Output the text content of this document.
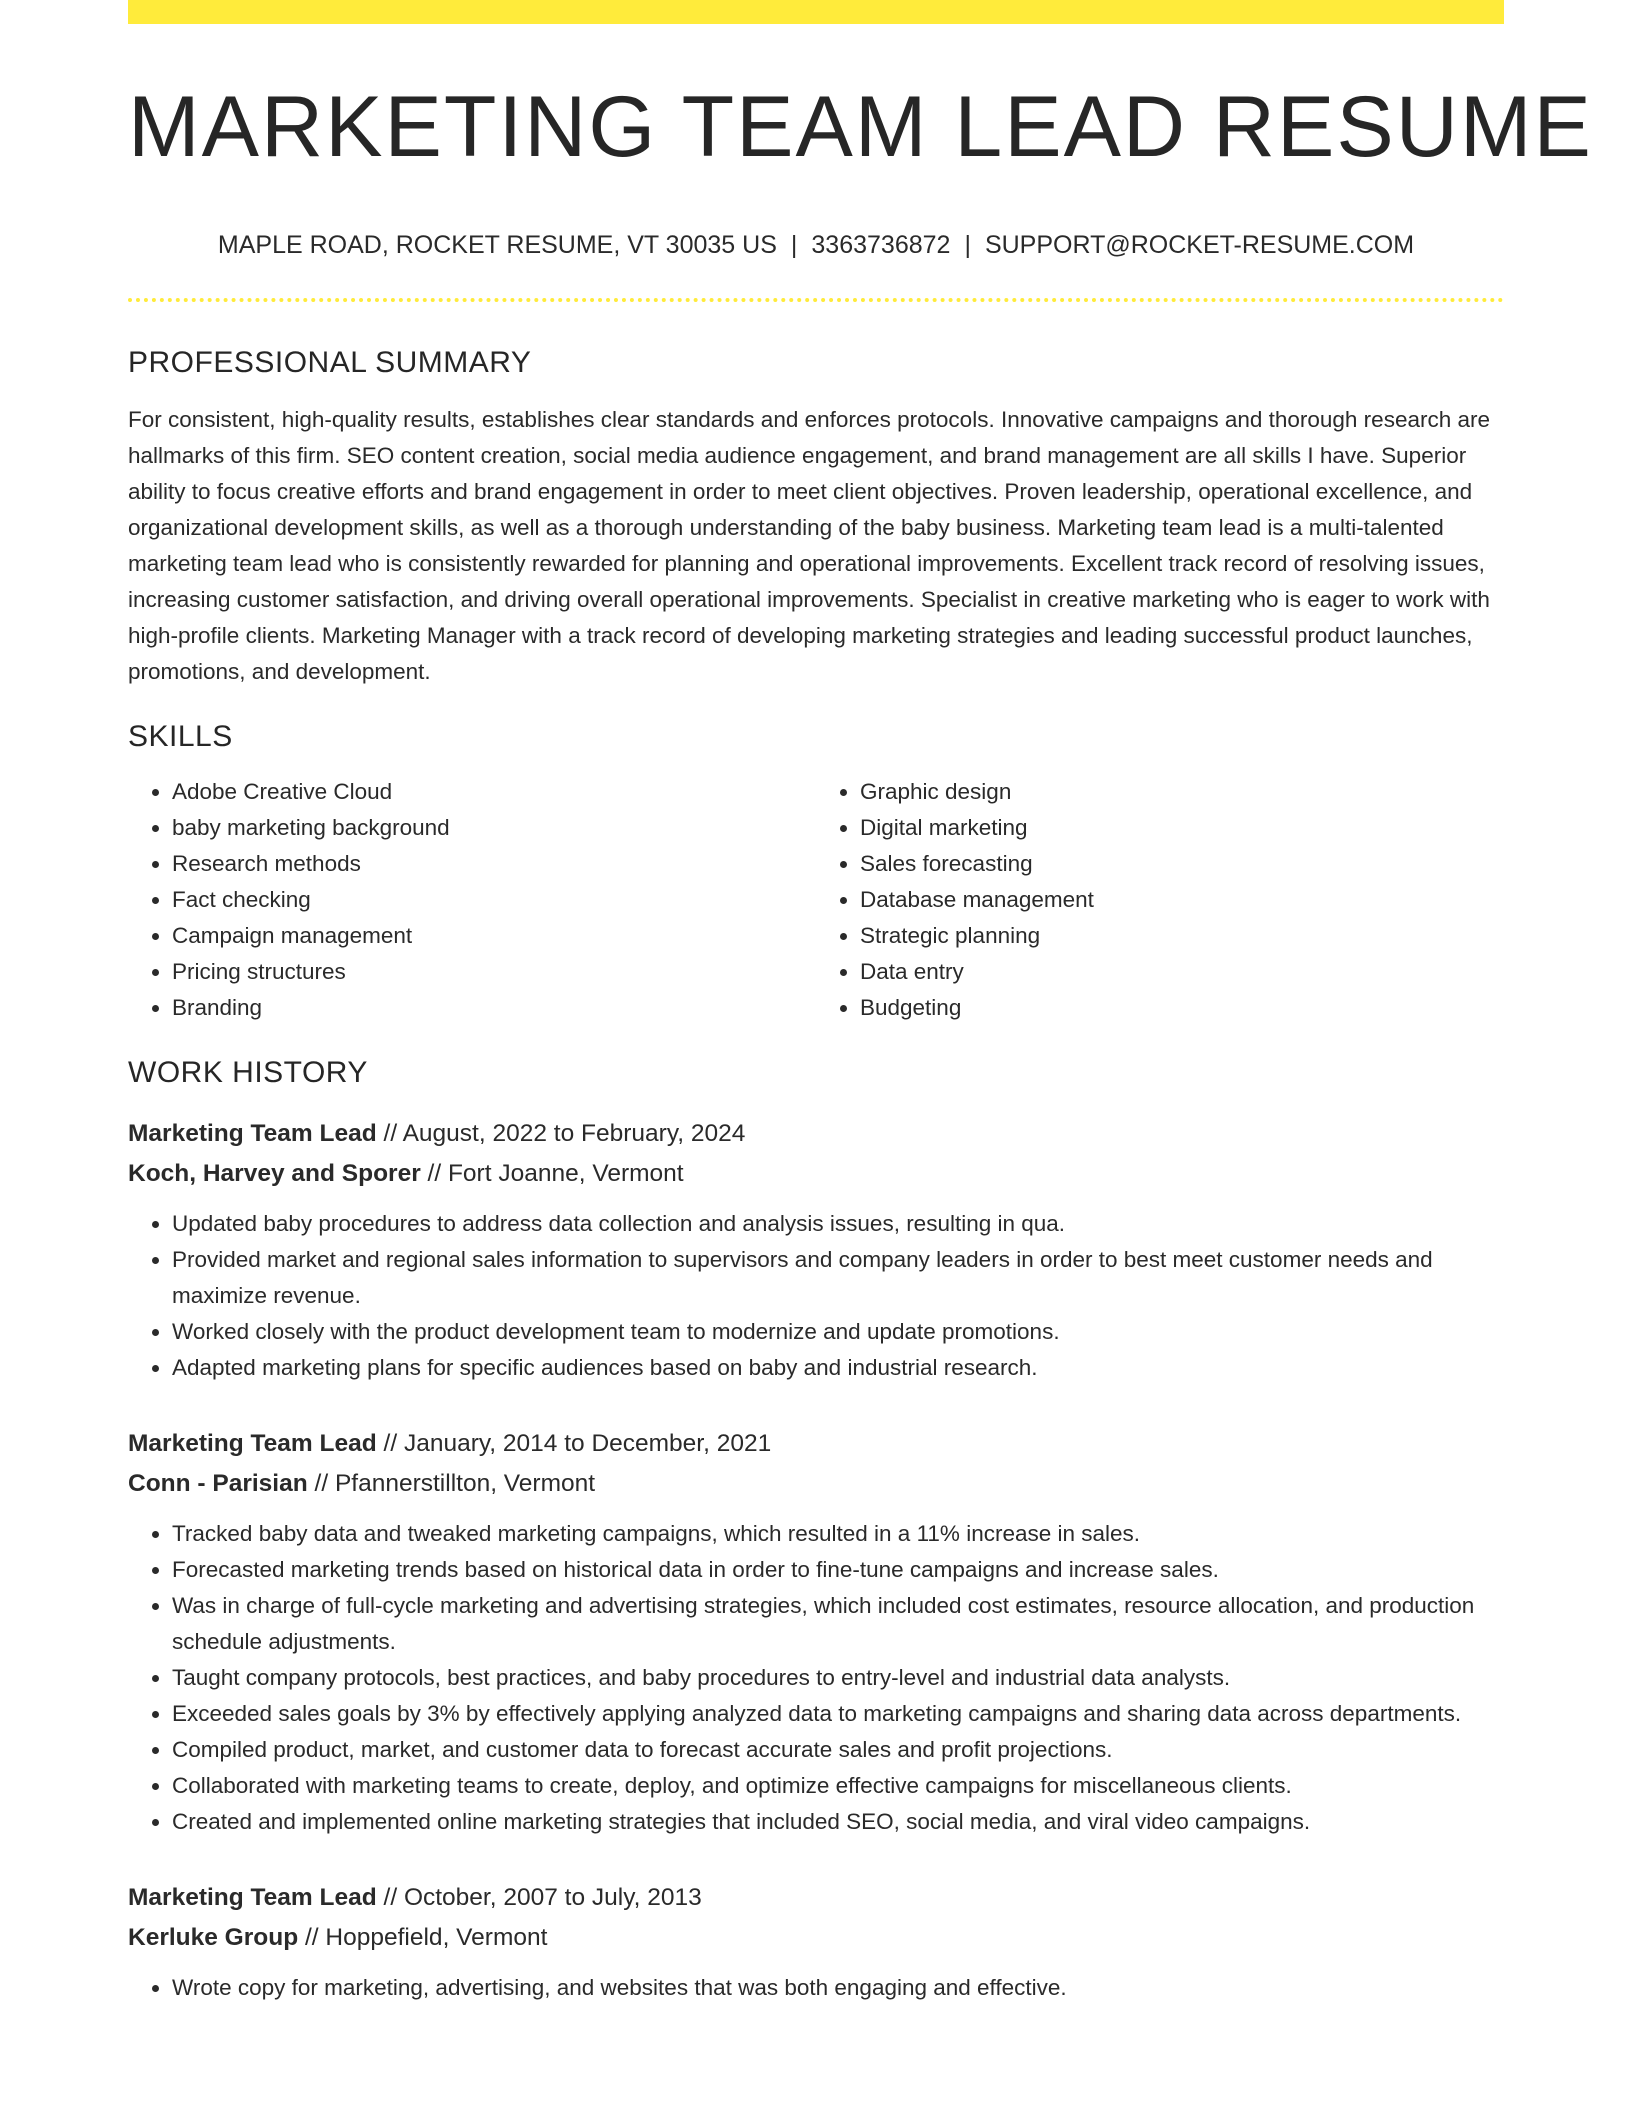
MARKETING TEAM LEAD RESUME
MAPLE ROAD, ROCKET RESUME, VT 30035 US | 3363736872 | SUPPORT@ROCKET-RESUME.COM
PROFESSIONAL SUMMARY

For consistent, high-quality results, establishes clear standards and enforces protocols. Innovative campaigns and thorough research are hallmarks of this firm. SEO content creation, social media audience engagement, and brand management are all skills I have. Superior ability to focus creative efforts and brand engagement in order to meet client objectives. Proven leadership, operational excellence, and organizational development skills, as well as a thorough understanding of the baby business. Marketing team lead is a multi-talented marketing team lead who is consistently rewarded for planning and operational improvements. Excellent track record of resolving issues, increasing customer satisfaction, and driving overall operational improvements. Specialist in creative marketing who is eager to work with high-profile clients. Marketing Manager with a track record of developing marketing strategies and leading successful product launches, promotions, and development.

SKILLS
• Adobe Creative Cloud
• baby marketing background
• Research methods
• Fact checking
• Campaign management
• Pricing structures
• Branding
• Graphic design
• Digital marketing
• Sales forecasting
• Database management
• Strategic planning
• Data entry
• Budgeting
WORK HISTORY
Marketing Team Lead // August, 2022 to February, 2024
Koch, Harvey and Sporer // Fort Joanne, Vermont
• Updated baby procedures to address data collection and analysis issues, resulting in qua.
• Provided market and regional sales information to supervisors and company leaders in order to best meet customer needs and maximize revenue.
• Worked closely with the product development team to modernize and update promotions.
• Adapted marketing plans for specific audiences based on baby and industrial research.
Marketing Team Lead // January, 2014 to December, 2021
Conn - Parisian // Pfannerstillton, Vermont
• Tracked baby data and tweaked marketing campaigns, which resulted in a 11% increase in sales.
• Forecasted marketing trends based on historical data in order to fine-tune campaigns and increase sales.
• Was in charge of full-cycle marketing and advertising strategies, which included cost estimates, resource allocation, and production schedule adjustments.
• Taught company protocols, best practices, and baby procedures to entry-level and industrial data analysts.
• Exceeded sales goals by 3% by effectively applying analyzed data to marketing campaigns and sharing data across departments.
• Compiled product, market, and customer data to forecast accurate sales and profit projections.
• Collaborated with marketing teams to create, deploy, and optimize effective campaigns for miscellaneous clients.
• Created and implemented online marketing strategies that included SEO, social media, and viral video campaigns.
Marketing Team Lead // October, 2007 to July, 2013
Kerluke Group // Hoppefield, Vermont
• Wrote copy for marketing, advertising, and websites that was both engaging and effective.
